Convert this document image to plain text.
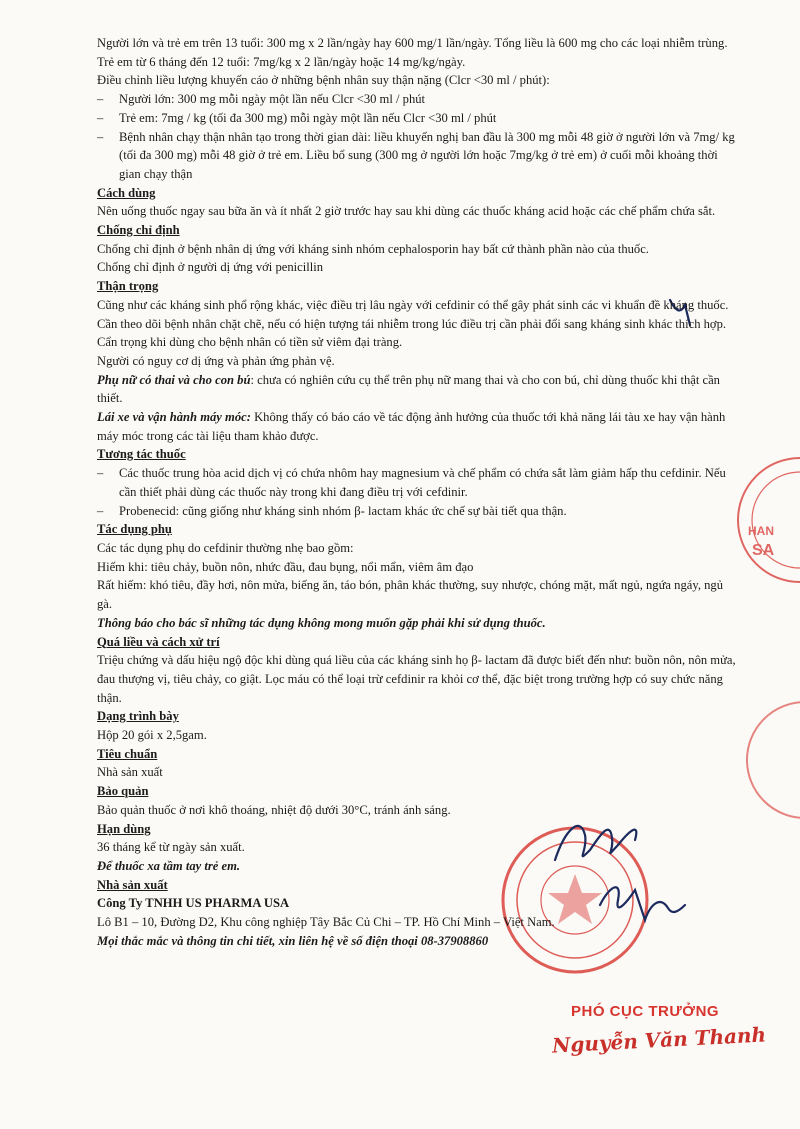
HAN
SA

Người lớn và trẻ em trên 13 tuổi: 300 mg x 2 lần/ngày hay 600 mg/1 lần/ngày. Tổng liều là 600 mg cho các loại nhiễm trùng.

Trẻ em từ 6 tháng đến 12 tuổi: 7mg/kg x 2 lần/ngày hoặc 14 mg/kg/ngày.

Điều chỉnh liều lượng khuyến cáo ở những bệnh nhân suy thận nặng (Clcr <30 ml / phút):

– Người lớn: 300 mg mỗi ngày một lần nếu Clcr <30 ml / phút
– Trẻ em: 7mg / kg (tối đa 300 mg) mỗi ngày một lần nếu Clcr <30 ml / phút
– Bệnh nhân chạy thận nhân tạo trong thời gian dài: liều khuyến nghị ban đầu là 300 mg mỗi 48 giờ ở người lớn và 7mg/ kg (tối đa 300 mg) mỗi 48 giờ ở trẻ em. Liều bổ sung (300 mg ở người lớn hoặc 7mg/kg ở trẻ em) ở cuối mỗi khoảng thời gian chạy thận

Cách dùng

Nên uống thuốc ngay sau bữa ăn và ít nhất 2 giờ trước hay sau khi dùng các thuốc kháng acid hoặc các chế phẩm chứa sắt.

Chống chỉ định

Chống chỉ định ở bệnh nhân dị ứng với kháng sinh nhóm cephalosporin hay bất cứ thành phần nào của thuốc.

Chống chỉ định ở người dị ứng với penicillin

Thận trọng

Cũng như các kháng sinh phổ rộng khác, việc điều trị lâu ngày với cefdinir có thể gây phát sinh các vi khuẩn đề kháng thuốc. Cần theo dõi bệnh nhân chặt chẽ, nếu có hiện tượng tái nhiễm trong lúc điều trị cần phải đổi sang kháng sinh khác thích hợp.

Cẩn trọng khi dùng cho bệnh nhân có tiền sử viêm đại tràng.

Người có nguy cơ dị ứng và phản ứng phản vệ.

Phụ nữ có thai và cho con bú: chưa có nghiên cứu cụ thể trên phụ nữ mang thai và cho con bú, chỉ dùng thuốc khi thật cần thiết.

Lái xe và vận hành máy móc: Không thấy có báo cáo về tác động ảnh hưởng của thuốc tới khả năng lái tàu xe hay vận hành máy móc trong các tài liệu tham khảo được.

Tương tác thuốc

– Các thuốc trung hòa acid dịch vị có chứa nhôm hay magnesium và chế phẩm có chứa sắt làm giảm hấp thu cefdinir. Nếu cần thiết phải dùng các thuốc này trong khi đang điều trị với cefdinir.
– Probenecid: cũng giống như kháng sinh nhóm β- lactam khác ức chế sự bài tiết qua thận.

Tác dụng phụ

Các tác dụng phụ do cefdinir thường nhẹ bao gồm:

Hiếm khi: tiêu chảy, buồn nôn, nhức đầu, đau bụng, nổi mẩn, viêm âm đạo

Rất hiếm: khó tiêu, đầy hơi, nôn mửa, biếng ăn, táo bón, phân khác thường, suy nhược, chóng mặt, mất ngủ, ngứa ngáy, ngủ gà.

Thông báo cho bác sĩ những tác dụng không mong muốn gặp phải khi sử dụng thuốc.

Quá liều và cách xử trí

Triệu chứng và dấu hiệu ngộ độc khi dùng quá liều của các kháng sinh họ β- lactam đã được biết đến như: buồn nôn, nôn mửa, đau thượng vị, tiêu chảy, co giật. Lọc máu có thể loại trừ cefdinir ra khỏi cơ thể, đặc biệt trong trường hợp có suy chức năng thận.

Dạng trình bày

Hộp 20 gói x 2,5gam.

Tiêu chuẩn

Nhà sản xuất

Bảo quản

Bảo quản thuốc ở nơi khô thoáng, nhiệt độ dưới 30°C, tránh ánh sáng.

Hạn dùng

36 tháng kể từ ngày sản xuất.

Để thuốc xa tầm tay trẻ em.

Nhà sản xuất

Công Ty TNHH US PHARMA USA

Lô B1 – 10, Đường D2, Khu công nghiệp Tây Bắc Củ Chi – TP. Hồ Chí Minh – Việt Nam.

Mọi thắc mắc và thông tin chi tiết, xin liên hệ về số điện thoại 08-37908860

PHÓ CỤC TRƯỞNG
Nguyễn Văn Thanh
